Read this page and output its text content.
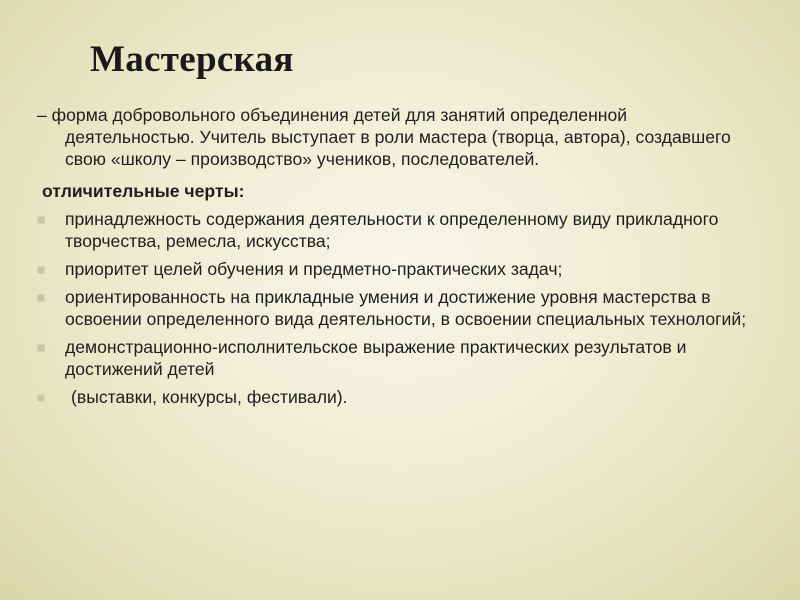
Мастерская

– форма добровольного объединения детей для занятий определенной деятельностью. Учитель выступает в роли мастера (творца, автора), создавшего свою «школу – производство» учеников, последователей.

отличительные черты:
принадлежность содержания деятельности к определенному виду прикладного творчества, ремесла, искусства;
приоритет целей обучения и предметно-практических задач;
ориентированность на прикладные умения и достижение уровня мастерства в освоении определенного вида деятельности, в освоении специальных технологий;
демонстрационно-исполнительское выражение практических результатов и достижений детей
(выставки, конкурсы, фестивали).
